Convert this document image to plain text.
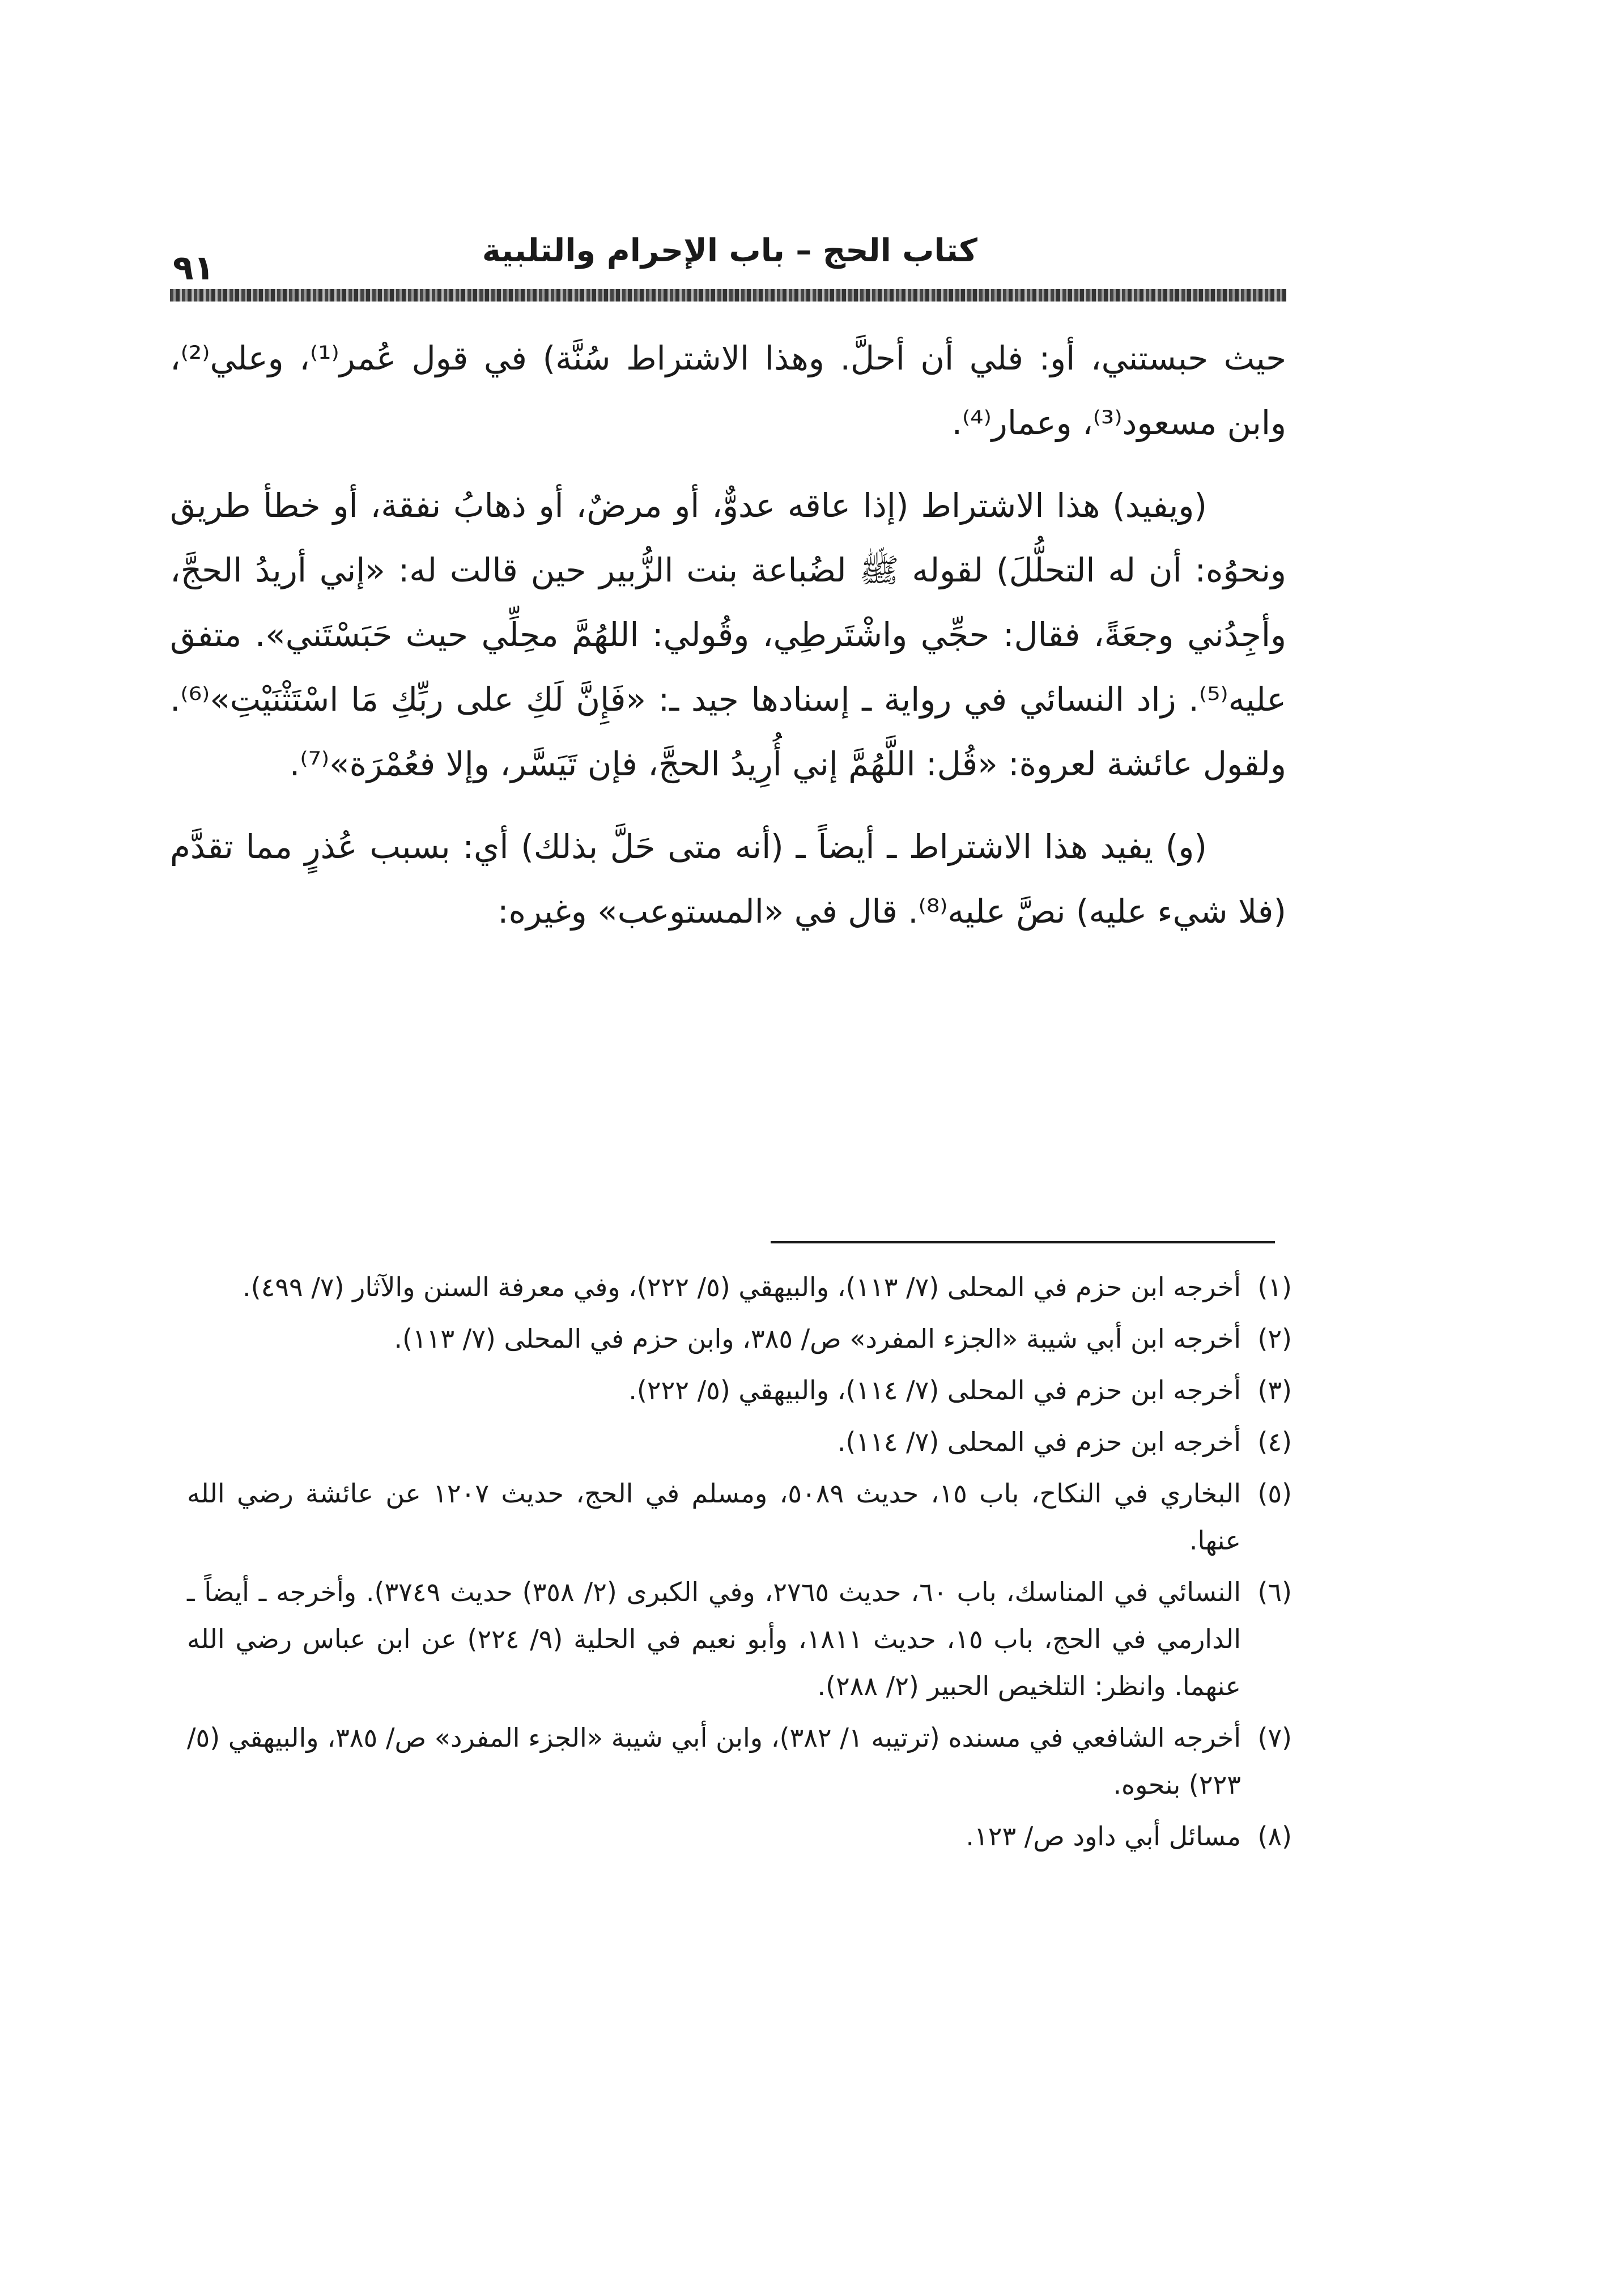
كتاب الحج – باب الإحرام والتلبية
٩١

حيث حبستني، أو: فلي أن أحلَّ. وهذا الاشتراط سُنَّة) في قول عُمر⁽¹⁾، وعلي⁽²⁾، وابن مسعود⁽³⁾، وعمار⁽⁴⁾.

(ويفيد) هذا الاشتراط (إذا عاقه عدوٌّ، أو مرضٌ، أو ذهابُ نفقة، أو خطأ طريق ونحوُه: أن له التحلُّلَ) لقوله ﷺ لضُباعة بنت الزُّبير حين قالت له: «إني أريدُ الحجَّ، وأجِدُني وجعَةً، فقال: حجِّي واشْتَرطِي، وقُولي: اللهُمَّ محِلِّي حيث حَبَسْتَني». متفق عليه⁽⁵⁾. زاد النسائي في رواية ـ إسنادها جيد ـ: «فَإِنَّ لَكِ على ربِّكِ مَا اسْتَثْنَيْتِ»⁽⁶⁾. ولقول عائشة لعروة: «قُل: اللَّهُمَّ إني أُرِيدُ الحجَّ، فإن تَيَسَّر، وإلا فعُمْرَة»⁽⁷⁾.

(و) يفيد هذا الاشتراط ـ أيضاً ـ (أنه متى حَلَّ بذلك) أي: بسبب عُذرٍ مما تقدَّم (فلا شيء عليه) نصَّ عليه⁽⁸⁾. قال في «المستوعب» وغيره:

(١)
أخرجه ابن حزم في المحلى (٧/ ١١٣)، والبيهقي (٥/ ٢٢٢)، وفي معرفة السنن والآثار (٧/ ٤٩٩).
(٢)
أخرجه ابن أبي شيبة «الجزء المفرد» ص/ ٣٨٥، وابن حزم في المحلى (٧/ ١١٣).
(٣)
أخرجه ابن حزم في المحلى (٧/ ١١٤)، والبيهقي (٥/ ٢٢٢).
(٤)
أخرجه ابن حزم في المحلى (٧/ ١١٤).
(٥)
البخاري في النكاح، باب ١٥، حديث ٥٠٨٩، ومسلم في الحج، حديث ١٢٠٧ عن عائشة رضي الله عنها.
(٦)
النسائي في المناسك، باب ٦٠، حديث ٢٧٦٥، وفي الكبرى (٢/ ٣٥٨) حديث ٣٧٤٩). وأخرجه ـ أيضاً ـ الدارمي في الحج، باب ١٥، حديث ١٨١١، وأبو نعيم في الحلية (٩/ ٢٢٤) عن ابن عباس رضي الله عنهما. وانظر: التلخيص الحبير (٢/ ٢٨٨).
(٧)
أخرجه الشافعي في مسنده (ترتيبه ١/ ٣٨٢)، وابن أبي شيبة «الجزء المفرد» ص/ ٣٨٥، والبيهقي (٥/ ٢٢٣) بنحوه.
(٨)
مسائل أبي داود ص/ ١٢٣.
